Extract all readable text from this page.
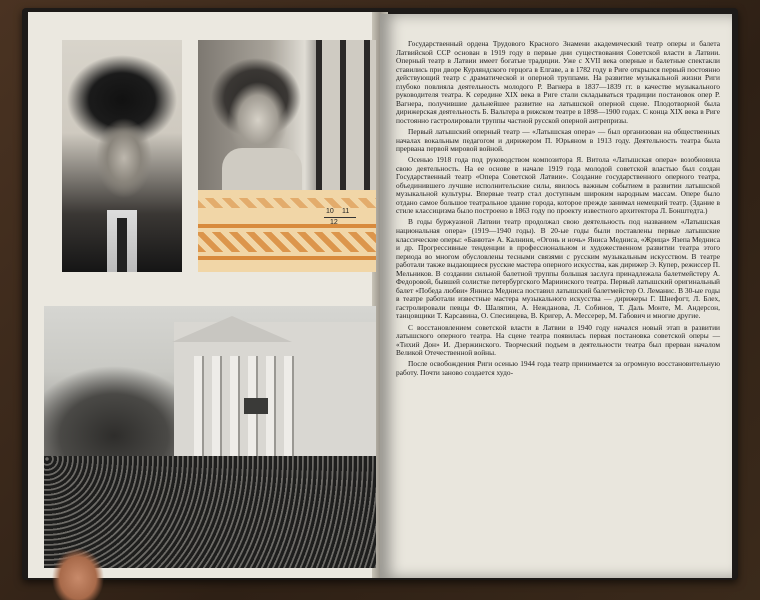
10 11
12

Государственный ордена Трудового Красного Знамени академический театр оперы и балета Латвийской ССР основан в 1919 году в первые дни существования Советской власти в Латвии. Оперный театр в Латвии имеет богатые традиции. Уже с XVII века оперные и балетные спектакли ставились при дворе Курляндского герцога в Елгаве, а в 1782 году в Риге открылся первый постоянно действующий театр с драматической и оперной труппами. На развитие музыкальной жизни Риги глубоко повлияла деятельность молодого Р. Вагнера в 1837—1839 гг. в качестве музыкального руководителя театра. К середине XIX века в Риге стали складываться традиции постановок опер Р. Вагнера, получившие дальнейшее развитие на латышской оперной сцене. Плодотворной была дирижерская деятельность Б. Вальтера в рижском театре в 1898—1900 годах. С конца XIX века в Риге постоянно гастролировали труппы частной русской оперной антрепризы.

Первый латышский оперный театр — «Латышская опера» — был организован на общественных началах вокальным педагогом и дирижером П. Юрьяном в 1913 году. Деятельность театра была прервана первой мировой войной.

Осенью 1918 года под руководством композитора Я. Витола «Латышская опера» возобновила свою деятельность. На ее основе в начале 1919 года молодой советской властью был создан Государственный театр «Опера Советской Латвии». Создание государственного оперного театра, объединившего лучшие исполнительские силы, явилось важным событием в развитии латышской музыкальной культуры. Впервые театр стал доступным широким народным массам. Опере было отдано самое большое театральное здание города, которое прежде занимал немецкий театр. (Здание в стиле классицизма было построено в 1863 году по проекту известного архитектора Л. Бонштедта.)

В годы буржуазной Латвии театр продолжал свою деятельность под названием «Латышская национальная опера» (1919—1940 годы). В 20-ые годы были поставлены первые латышские классические оперы: «Банюта» А. Калниня, «Огонь и ночь» Яниса Медниса, «Жрица» Язепа Медниса и др. Прогрессивные тенденции в профессиональном и художественном развитии театра этого периода во многом обусловлены тесными связями с русским музыкальным искусством. В театре работали также выдающиеся русские мастера оперного искусства, как дирижер Э. Купер, режиссер П. Мельников. В создании сильной балетной труппы большая заслуга принадлежала балетмейстеру А. Федоровой, бывшей солистке петербургского Мариинского театра. Первый латышский оригинальный балет «Победа любви» Янниса Медниса поставил латышский балетмейстер О. Леманис. В 30-ые годы в театре работали известные мастера музыкального искусства — дирижеры Г. Шнефогт, Л. Блех, гастролировали певцы Ф. Шаляпин, А. Нежданова, Л. Собинов, Т. Даль Монте, М. Андерсон, танцовщики Т. Карсавина, О. Спесивцева, В. Кригер, А. Мессерер, М. Габович и многие другие.

С восстановлением советской власти в Латвии в 1940 году начался новый этап в развитии латышского оперного театра. На сцене театра появилась первая постановка советской оперы — «Тихий Дон» И. Дзержинского. Творческий подъем в деятельности театра был прерван началом Великой Отечественной войны.

После освобождения Риги осенью 1944 года театр принимается за огромную восстановительную работу. Почти заново создается худо-
